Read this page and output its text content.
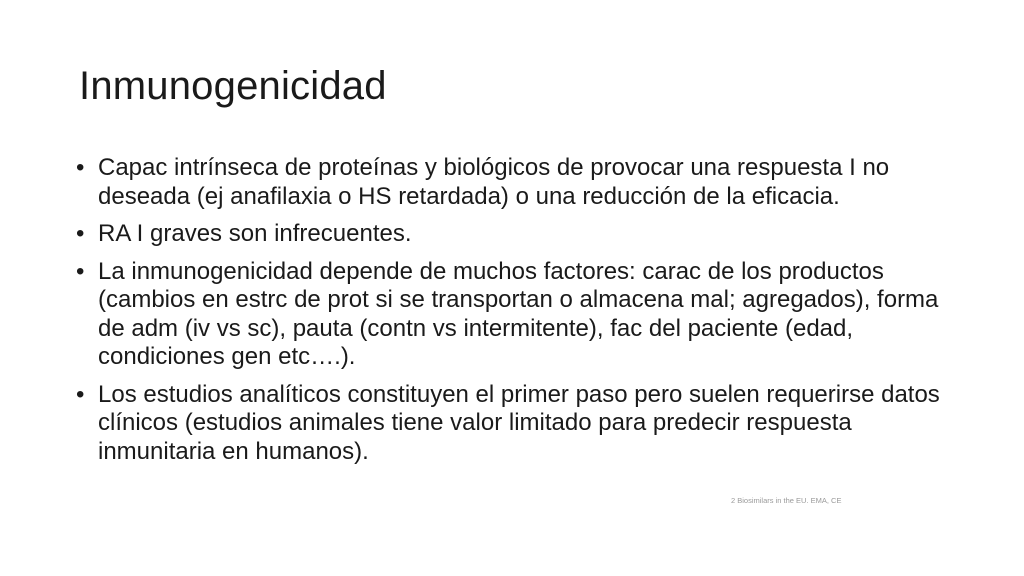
Inmunogenicidad
• Capac intrínseca de proteínas y biológicos de provocar una respuesta I no deseada (ej anafilaxia o HS retardada) o una reducción de la eficacia.
• RA I graves son infrecuentes.
• La inmunogenicidad depende de muchos factores: carac de los productos (cambios en estrc de prot si se transportan o almacena mal; agregados), forma de adm (iv vs sc), pauta (contn vs intermitente), fac del paciente (edad, condiciones gen etc….).
• Los estudios analíticos constituyen el primer paso pero suelen requerirse datos clínicos (estudios animales tiene valor limitado para predecir respuesta inmunitaria en humanos).
2 Biosimilars in the EU. EMA, CE
